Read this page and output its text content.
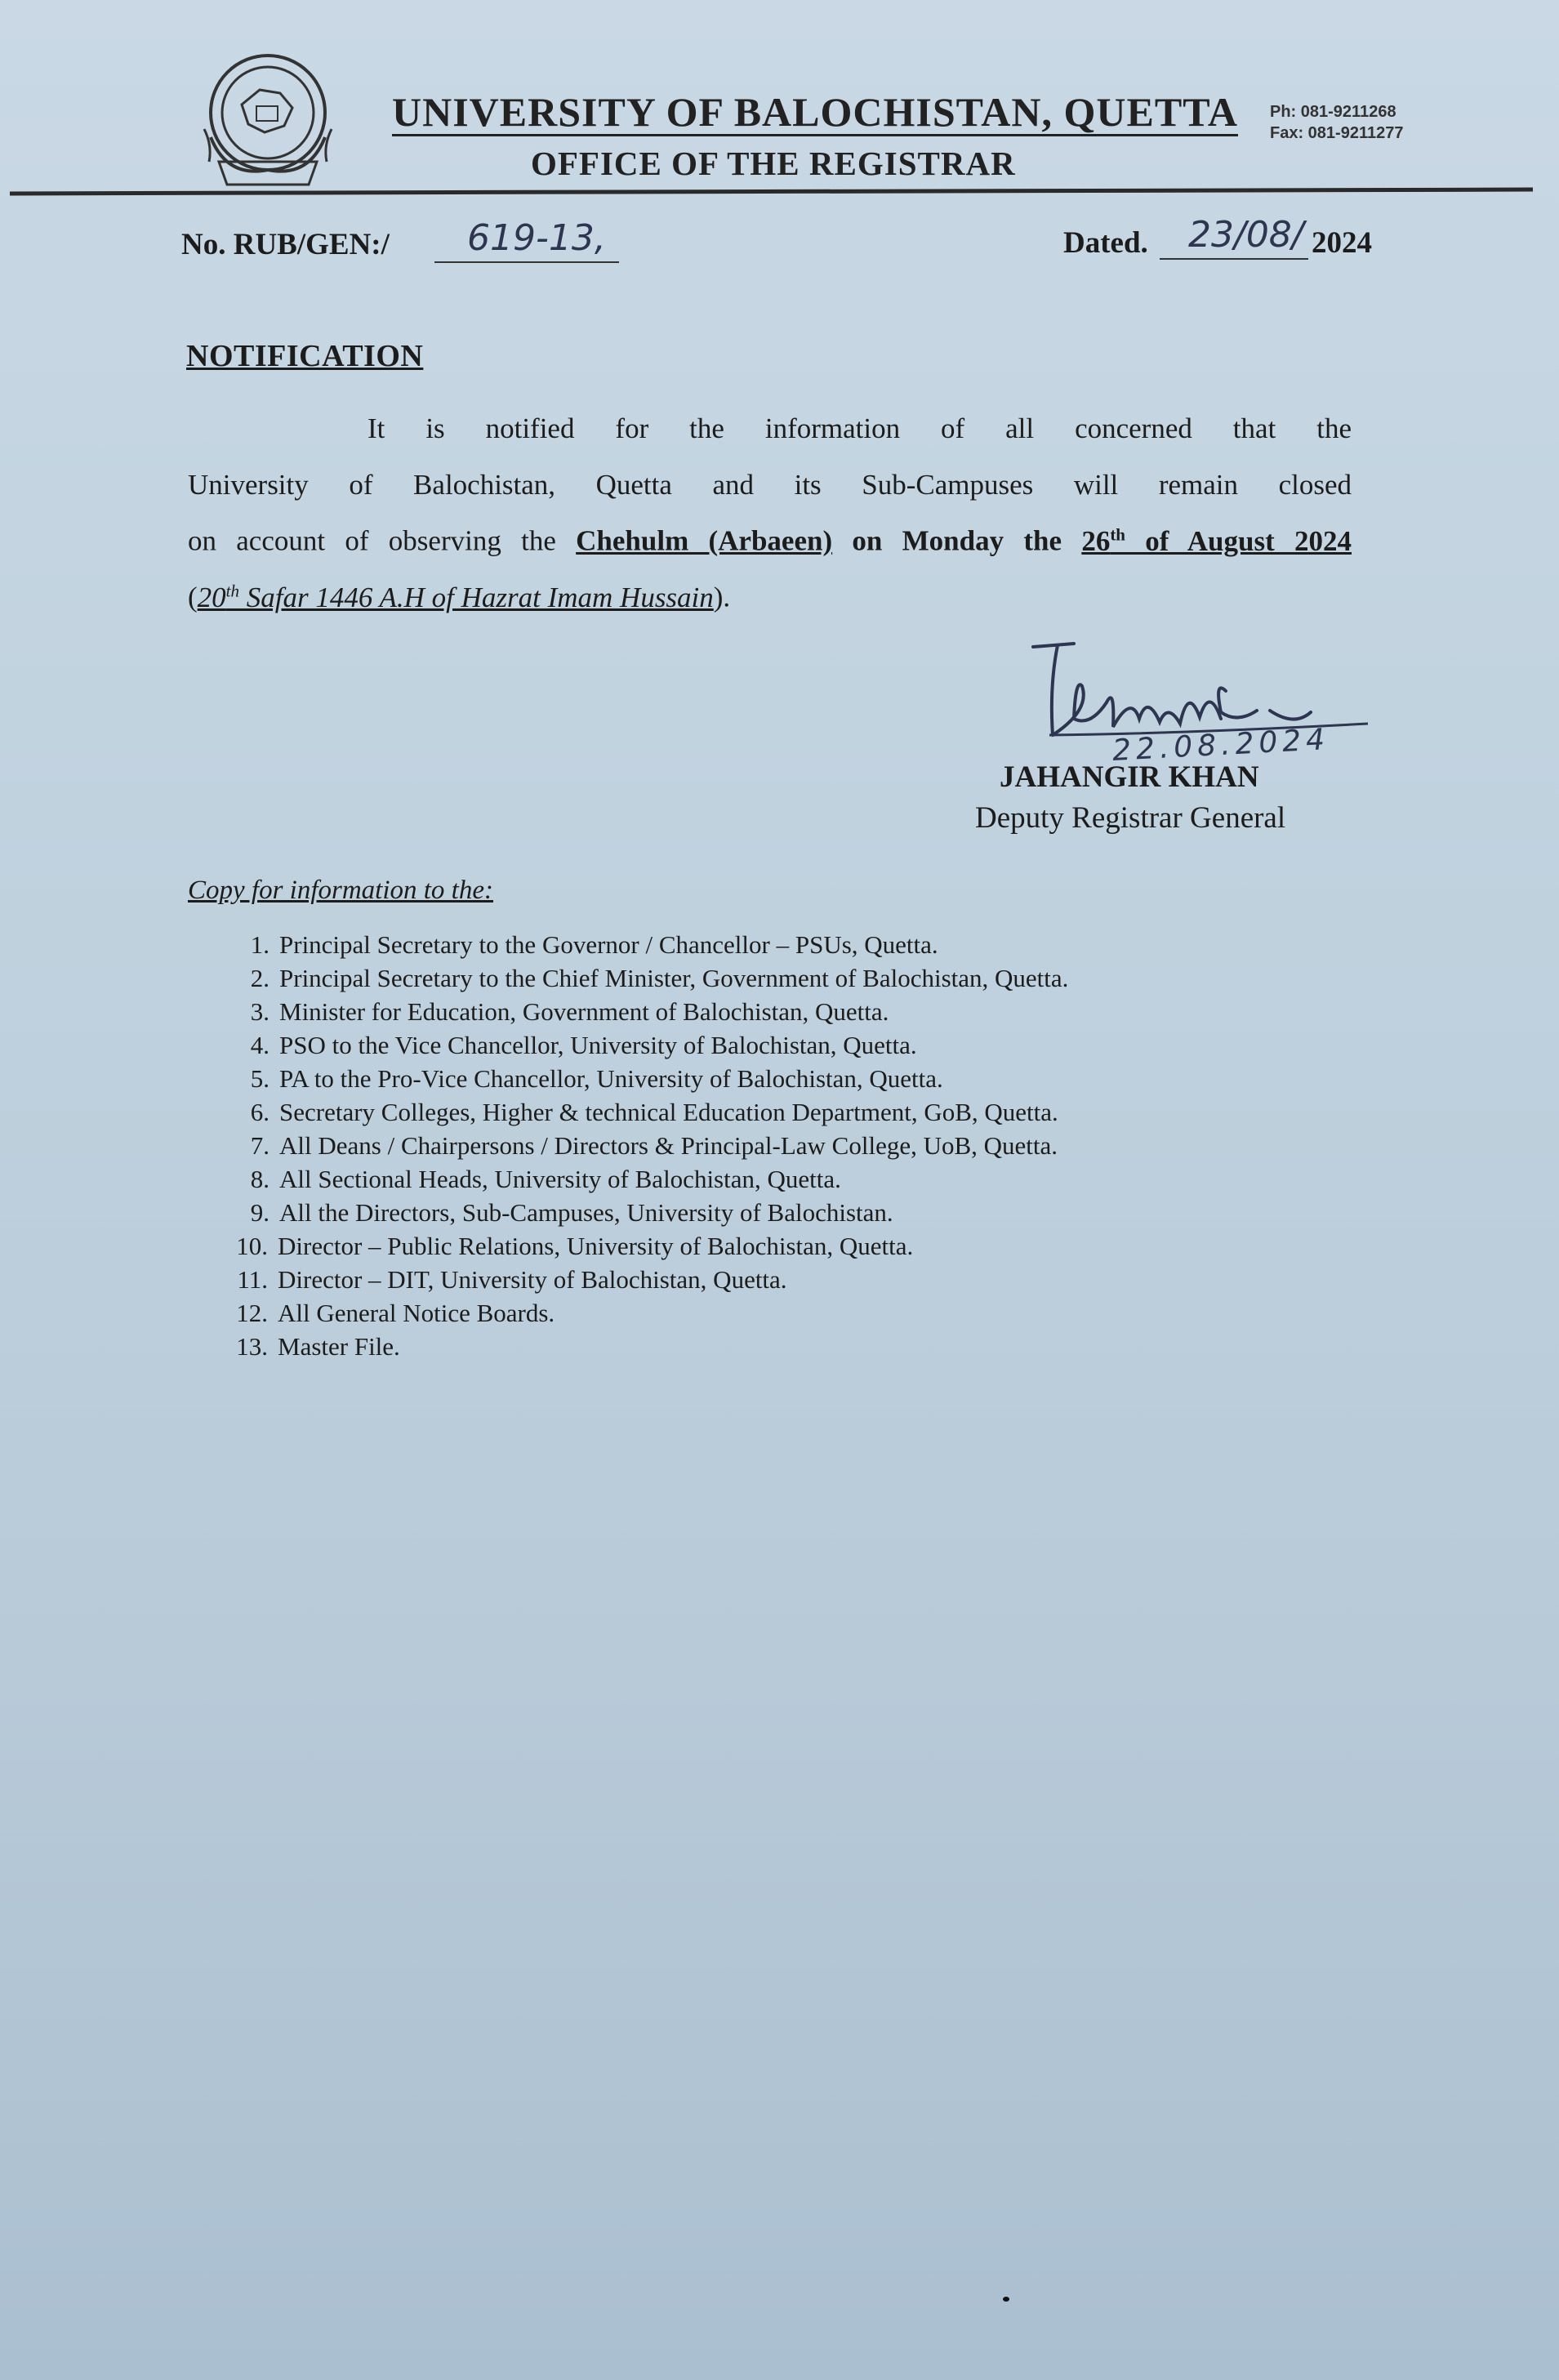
UNIVERSITY OF BALOCHISTAN, QUETTA
OFFICE OF THE REGISTRAR
Ph: 081-9211268
Fax: 081-9211277
No. RUB/GEN:/	619-13,	Dated.	23/08/ 2024
NOTIFICATION
It is notified for the information of all concerned that the
University of Balochistan, Quetta and its Sub-Campuses will remain closed
on account of observing the Chehulm (Arbaeen) on Monday the 26th of August 2024
(20th Safar 1446 A.H of Hazrat Imam Hussain).
22.08.2024
JAHANGIR KHAN
Deputy Registrar General
Copy for information to the:
1. Principal Secretary to the Governor / Chancellor – PSUs, Quetta.
2. Principal Secretary to the Chief Minister, Government of Balochistan, Quetta.
3. Minister for Education, Government of Balochistan, Quetta.
4. PSO to the Vice Chancellor, University of Balochistan, Quetta.
5. PA to the Pro-Vice Chancellor, University of Balochistan, Quetta.
6. Secretary Colleges, Higher & technical Education Department, GoB, Quetta.
7. All Deans / Chairpersons / Directors & Principal-Law College, UoB, Quetta.
8. All Sectional Heads, University of Balochistan, Quetta.
9. All the Directors, Sub-Campuses, University of Balochistan.
10. Director – Public Relations, University of Balochistan, Quetta.
11. Director – DIT, University of Balochistan, Quetta.
12. All General Notice Boards.
13. Master File.
